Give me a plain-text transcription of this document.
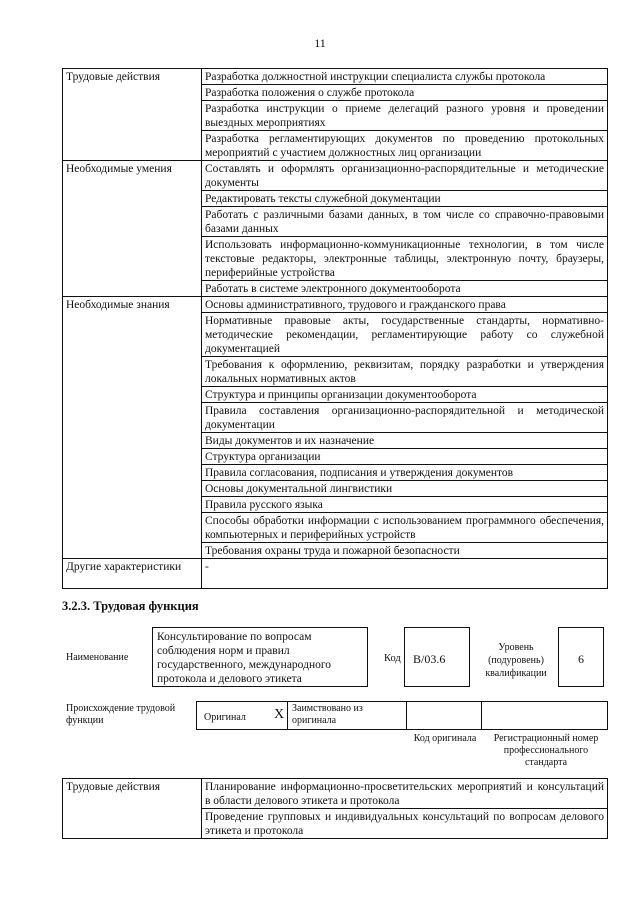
11
Трудовые действия	Разработка должностной инструкции специалиста службы протокола
	Разработка положения о службе протокола
	Разработка инструкции о приеме делегаций разного уровня и проведении выездных мероприятиях
	Разработка регламентирующих документов по проведению протокольных мероприятий с участием должностных лиц организации
Необходимые умения	Составлять и оформлять организационно-распорядительные и методические документы
	Редактировать тексты служебной документации
	Работать с различными базами данных, в том числе со справочно-правовыми базами данных
	Использовать информационно-коммуникационные технологии, в том числе текстовые редакторы, электронные таблицы, электронную почту, браузеры, периферийные устройства
	Работать в системе электронного документооборота
Необходимые знания	Основы административного, трудового и гражданского права
	Нормативные правовые акты, государственные стандарты, нормативно-методические рекомендации, регламентирующие работу со служебной документацией
	Требования к оформлению, реквизитам, порядку разработки и утверждения локальных нормативных актов
	Структура и принципы организации документооборота
	Правила составления организационно-распорядительной и методической документации
	Виды документов и их назначение
	Структура организации
	Правила согласования, подписания и утверждения документов
	Основы документальной лингвистики
	Правила русского языка
	Способы обработки информации с использованием программного обеспечения, компьютерных и периферийных устройств
	Требования охраны труда и пожарной безопасности
Другие характеристики	-
3.2.3. Трудовая функция
Наименование
Консультирование по вопросам соблюдения норм и правил государственного, международного протокола и делового этикета
Код	В/03.6
Уровень (подуровень) квалификации
6
Происхождение трудовой функции	Оригинал X Заимствовано из оригинала
Код оригинала	Регистрационный номер профессионального стандарта
Трудовые действия	Планирование информационно-просветительских мероприятий и консультаций в области делового этикета и протокола
Проведение групповых и индивидуальных консультаций по вопросам делового этикета и протокола
